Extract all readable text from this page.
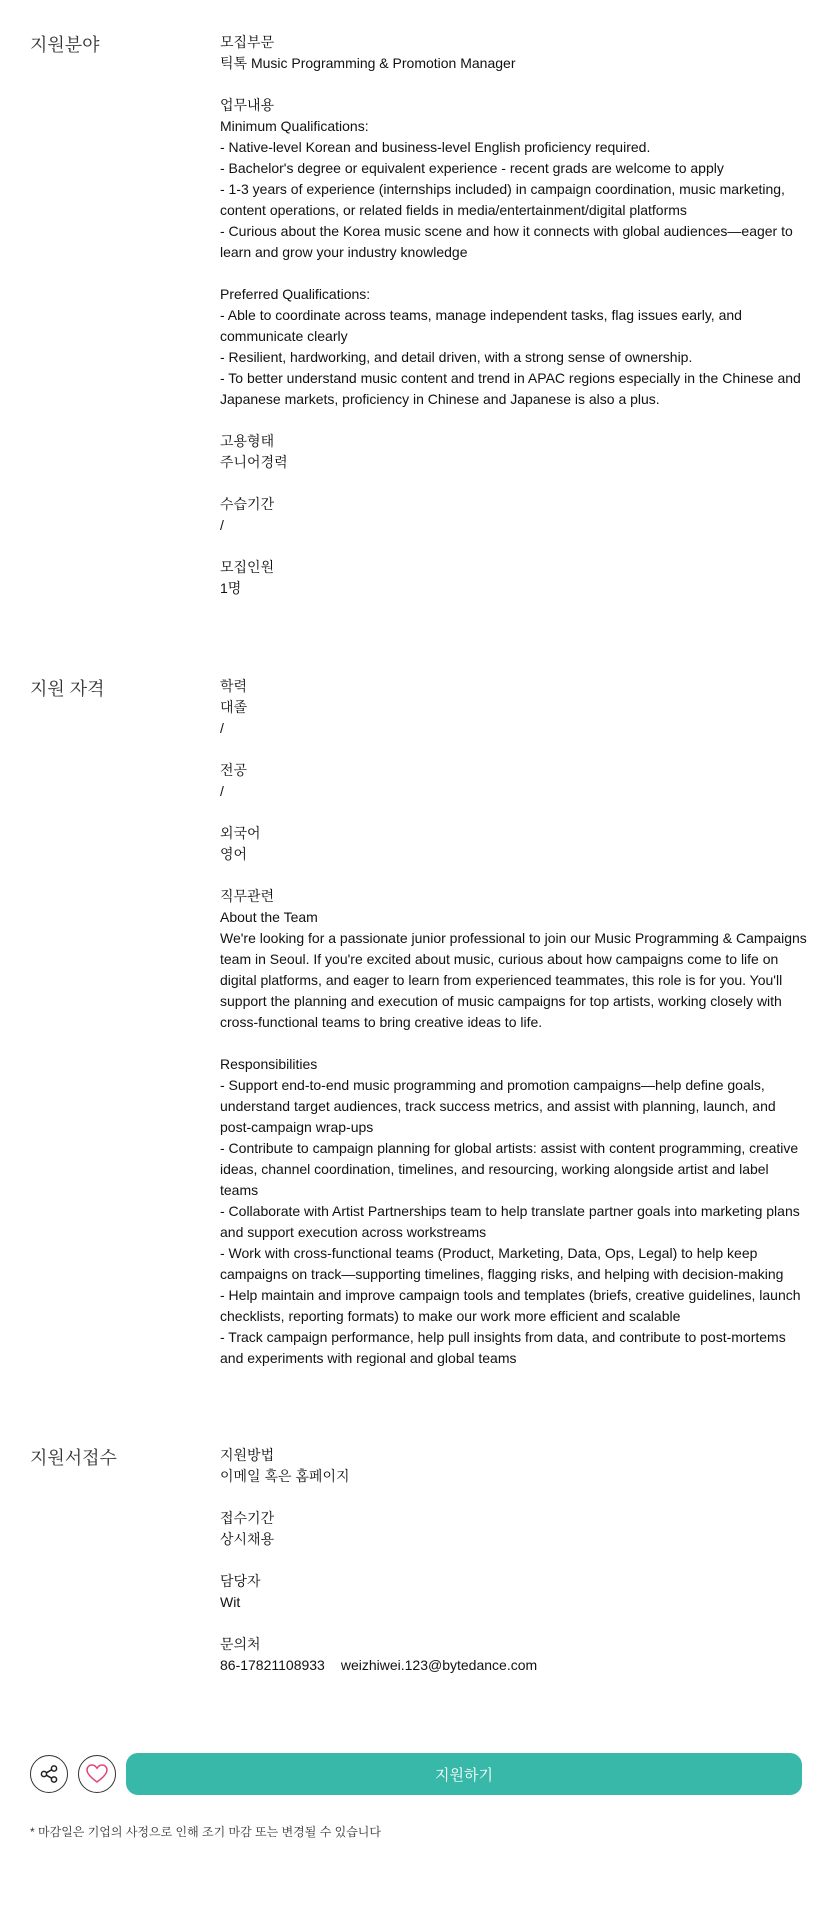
지원분야	모집부문
틱톡 Music Programming & Promotion Manager
업무내용
Minimum Qualifications:
- Native-level Korean and business-level English proficiency required.
- Bachelor's degree or equivalent experience - recent grads are welcome to apply
- 1-3 years of experience (internships included) in campaign coordination, music marketing, content operations, or related fields in media/entertainment/digital platforms
- Curious about the Korea music scene and how it connects with global audiences—eager to learn and grow your industry knowledge
Preferred Qualifications:
- Able to coordinate across teams, manage independent tasks, flag issues early, and communicate clearly
- Resilient, hardworking, and detail driven, with a strong sense of ownership.
- To better understand music content and trend in APAC regions especially in the Chinese and Japanese markets, proficiency in Chinese and Japanese is also a plus.
고용형태
주니어경력
수습기간
/
모집인원
1명
지원 자격	학력
대졸
/
전공
/
외국어
영어
직무관련
About the Team
We're looking for a passionate junior professional to join our Music Programming & Campaigns team in Seoul. If you're excited about music, curious about how campaigns come to life on digital platforms, and eager to learn from experienced teammates, this role is for you. You'll support the planning and execution of music campaigns for top artists, working closely with cross-functional teams to bring creative ideas to life.
Responsibilities
- Support end-to-end music programming and promotion campaigns—help define goals, understand target audiences, track success metrics, and assist with planning, launch, and post-campaign wrap-ups
- Contribute to campaign planning for global artists: assist with content programming, creative ideas, channel coordination, timelines, and resourcing, working alongside artist and label teams
- Collaborate with Artist Partnerships team to help translate partner goals into marketing plans and support execution across workstreams
- Work with cross-functional teams (Product, Marketing, Data, Ops, Legal) to help keep campaigns on track—supporting timelines, flagging risks, and helping with decision-making
- Help maintain and improve campaign tools and templates (briefs, creative guidelines, launch checklists, reporting formats) to make our work more efficient and scalable
- Track campaign performance, help pull insights from data, and contribute to post-mortems and experiments with regional and global teams
지원서접수	지원방법
이메일 혹은 홈페이지
접수기간
상시채용
담당자
Wit
문의처
86-17821108933 weizhiwei.123@bytedance.com
지원하기
* 마감일은 기업의 사정으로 인해 조기 마감 또는 변경될 수 있습니다
